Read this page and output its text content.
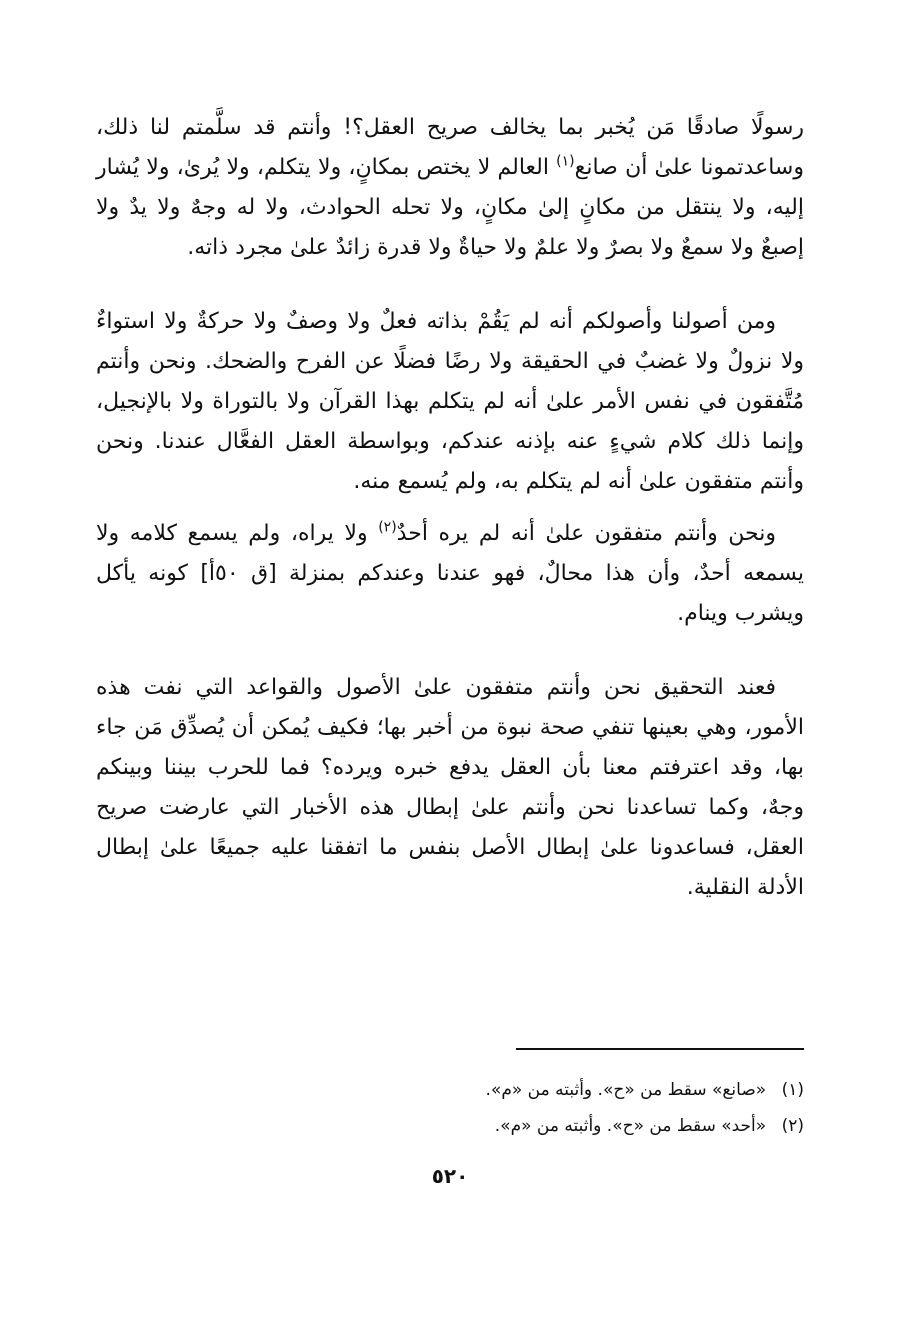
رسولًا صادقًا مَن يُخبر بما يخالف صريح العقل؟! وأنتم قد سلَّمتم لنا ذلك، وساعدتمونا علىٰ أن صانع$^{(١)}$ العالم لا يختص بمكانٍ، ولا يتكلم، ولا يُرىٰ، ولا يُشار إليه، ولا ينتقل من مكانٍ إلىٰ مكانٍ، ولا تحله الحوادث، ولا له وجهٌ ولا يدٌ ولا إصبعٌ ولا سمعٌ ولا بصرٌ ولا علمٌ ولا حياةٌ ولا قدرة زائدٌ علىٰ مجرد ذاته.

ومن أصولنا وأصولكم أنه لم يَقُمْ بذاته فعلٌ ولا وصفٌ ولا حركةٌ ولا استواءٌ ولا نزولٌ ولا غضبٌ في الحقيقة ولا رضًا فضلًا عن الفرح والضحك. ونحن وأنتم مُتَّفقون في نفس الأمر علىٰ أنه لم يتكلم بهذا القرآن ولا بالتوراة ولا بالإنجيل، وإنما ذلك كلام شيءٍ عنه بإذنه عندكم، وبواسطة العقل الفعَّال عندنا. ونحن وأنتم متفقون علىٰ أنه لم يتكلم به، ولم يُسمع منه.

ونحن وأنتم متفقون علىٰ أنه لم يره أحدٌ$^{(٢)}$ ولا يراه، ولم يسمع كلامه ولا يسمعه أحدٌ، وأن هذا محالٌ، فهو عندنا وعندكم بمنزلة [ق ٥٠أ] كونه يأكل ويشرب وينام.

فعند التحقيق نحن وأنتم متفقون علىٰ الأصول والقواعد التي نفت هذه الأمور، وهي بعينها تنفي صحة نبوة من أخبر بها؛ فكيف يُمكن أن يُصدِّق مَن جاء بها، وقد اعترفتم معنا بأن العقل يدفع خبره ويرده؟ فما للحرب بيننا وبينكم وجهٌ، وكما تساعدنا نحن وأنتم علىٰ إبطال هذه الأخبار التي عارضت صريح العقل، فساعدونا علىٰ إبطال الأصل بنفس ما اتفقنا عليه جميعًا علىٰ إبطال الأدلة النقلية.

(١) «صانع» سقط من «ح». وأثبته من «م».

(٢) «أحد» سقط من «ح». وأثبته من «م».

٥٢٠
